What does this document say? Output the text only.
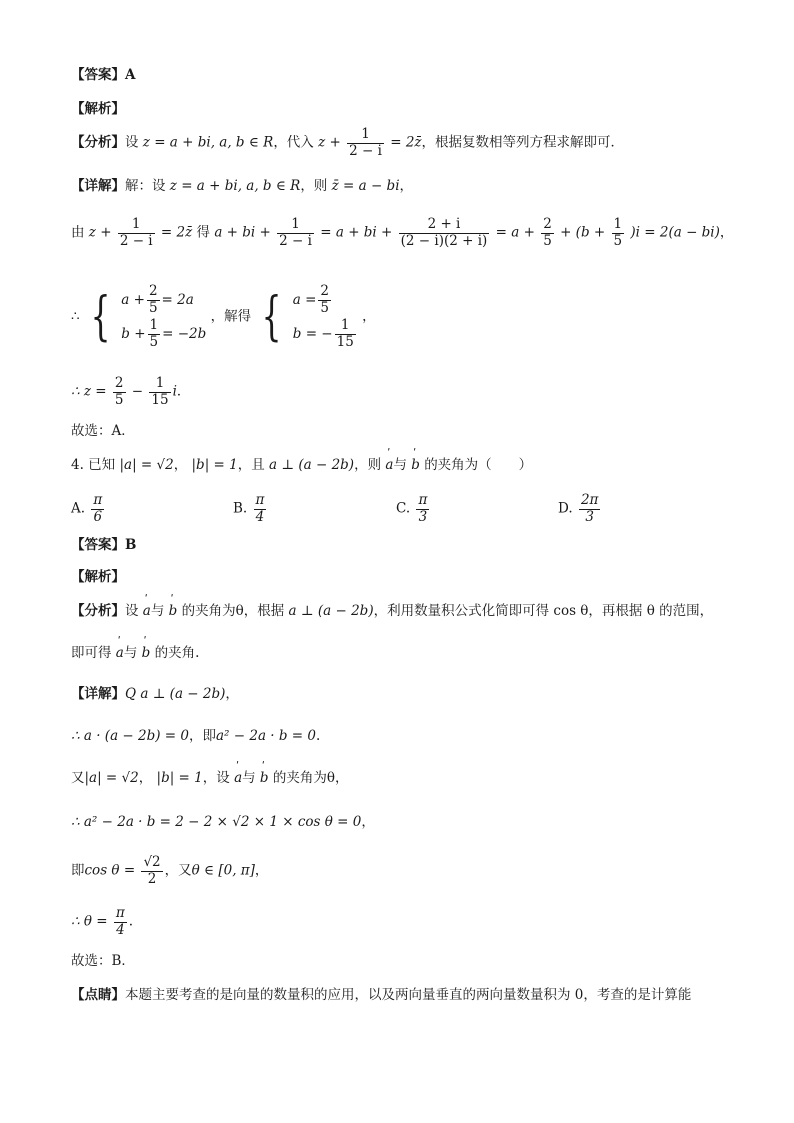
【答案】A
【解析】
【分析】设 z = a + bi, a, b ∈ R，代入 $z + \frac{1}{2 - i}$ = 2z̄，根据复数相等列方程求解即可．
【详解】解：设 z = a + bi, a, b ∈ R，则 z̄ = a − bi，
由 $z + \frac{1}{2 - i}$ = 2z̄ 得 a + bi + $\frac{1}{2 - i} = a$ + bi + $\frac{2 + i}{(2 - i)(2 + i)} = a + \frac{2}{5} + (b + \frac{1}{5} )i = 2(a - bi)$，
∴ { $a + \frac{2}{5} = 2a$
$b + \frac{1}{5} = -2b$
，解得 { $a = \frac{2}{5}$
b = − $\frac{1}{15}$
，
∴ $z = \frac{2}{5} - \frac{1}{15}$ i．
故选：A．
4. 已知 |a| = √2， |b| = 1，且 a ⊥ (a − 2b)，则 ˈ a与 ˈ b 的夹角为（　　）
A. $\frac{\pi}{6}$	B. $\frac{\pi}{4}$	C. $\frac{\pi}{3}$	D. $\frac{2\pi}{3}$
【答案】B
【解析】
【分析】设 ˈ a与 ˈ b 的夹角为θ，根据 a ⊥ (a − 2b)，利用数量积公式化简即可得 cos θ，再根据 θ 的范围，
即可得 ˈ a与 ˈ b 的夹角.
【详解】Q a ⊥ (a − 2b)，
∴ a · (a − 2b) = 0，即a² − 2a · b = 0.
又|a| = √2， |b| = 1，设 ˈ a与 ˈ b 的夹角为θ，
∴ a² − 2a · b = 2 − 2 × √2 × 1 × cos θ = 0，
即$\cos \theta = \frac{√2}{2}$ ，又θ ∈ [0, π]，
∴ $\theta = \frac{\pi}{4}$ .
故选：B．
【点睛】本题主要考查的是向量的数量积的应用，以及两向量垂直的两向量数量积为 0，考查的是计算能
